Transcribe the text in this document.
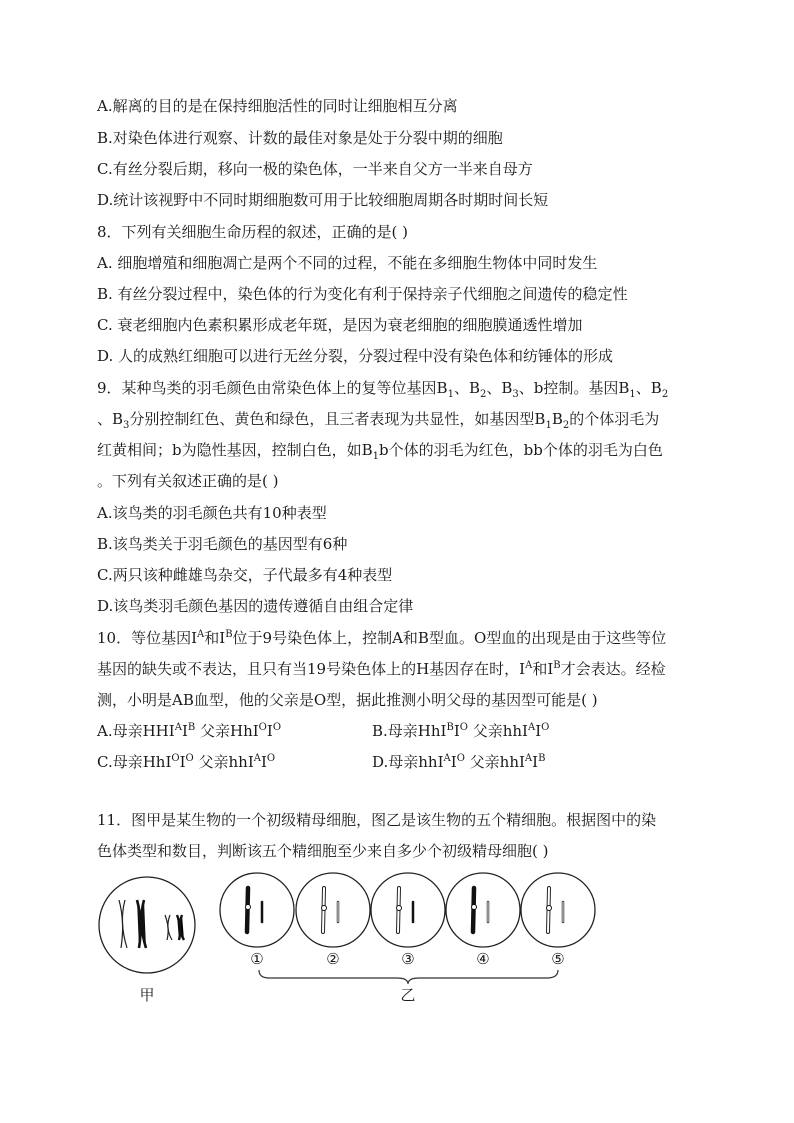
A.解离的目的是在保持细胞活性的同时让细胞相互分离
B.对染色体进行观察、计数的最佳对象是处于分裂中期的细胞
C.有丝分裂后期，移向一极的染色体，一半来自父方一半来自母方
D.统计该视野中不同时期细胞数可用于比较细胞周期各时期时间长短
8．下列有关细胞生命历程的叙述，正确的是( )
A. 细胞增殖和细胞凋亡是两个不同的过程，不能在多细胞生物体中同时发生
B. 有丝分裂过程中，染色体的行为变化有利于保持亲子代细胞之间遗传的稳定性
C. 衰老细胞内色素积累形成老年斑，是因为衰老细胞的细胞膜通透性增加
D. 人的成熟红细胞可以进行无丝分裂，分裂过程中没有染色体和纺锤体的形成
9．某种鸟类的羽毛颜色由常染色体上的复等位基因$B_1$、$B_2$、$B_3$、b控制。基因$B_1$、$B_2$
、$B_3$分别控制红色、黄色和绿色，且三者表现为共显性，如基因型$B_1B_2$的个体羽毛为
红黄相间；b为隐性基因，控制白色，如$B_1b$个体的羽毛为红色，bb个体的羽毛为白色
。下列有关叙述正确的是( )
A.该鸟类的羽毛颜色共有10种表型
B.该鸟类关于羽毛颜色的基因型有6种
C.两只该种雌雄鸟杂交，子代最多有4种表型
D.该鸟类羽毛颜色基因的遗传遵循自由组合定律
10．等位基因$I^A$和$I^B$位于9号染色体上，控制A和B型血。O型血的出现是由于这些等位
基因的缺失或不表达，且只有当19号染色体上的H基因存在时，$I^A$和$I^B$才会表达。经检
测，小明是AB血型，他的父亲是O型，据此推测小明父母的基因型可能是( )
A.母亲$HHI^AI^B$ 父亲$HhI^OI^O$	B.母亲$HhI^BI^O$ 父亲$hhI^AI^O$
C.母亲$HhI^OI^O$ 父亲$hhI^AI^O$	D.母亲$hhI^AI^O$ 父亲$hhI^AI^B$
11．图甲是某生物的一个初级精母细胞，图乙是该生物的五个精细胞。根据图中的染
色体类型和数目，判断该五个精细胞至少来自多少个初级精母细胞( )
甲	乙
①	②	③	④	⑤
